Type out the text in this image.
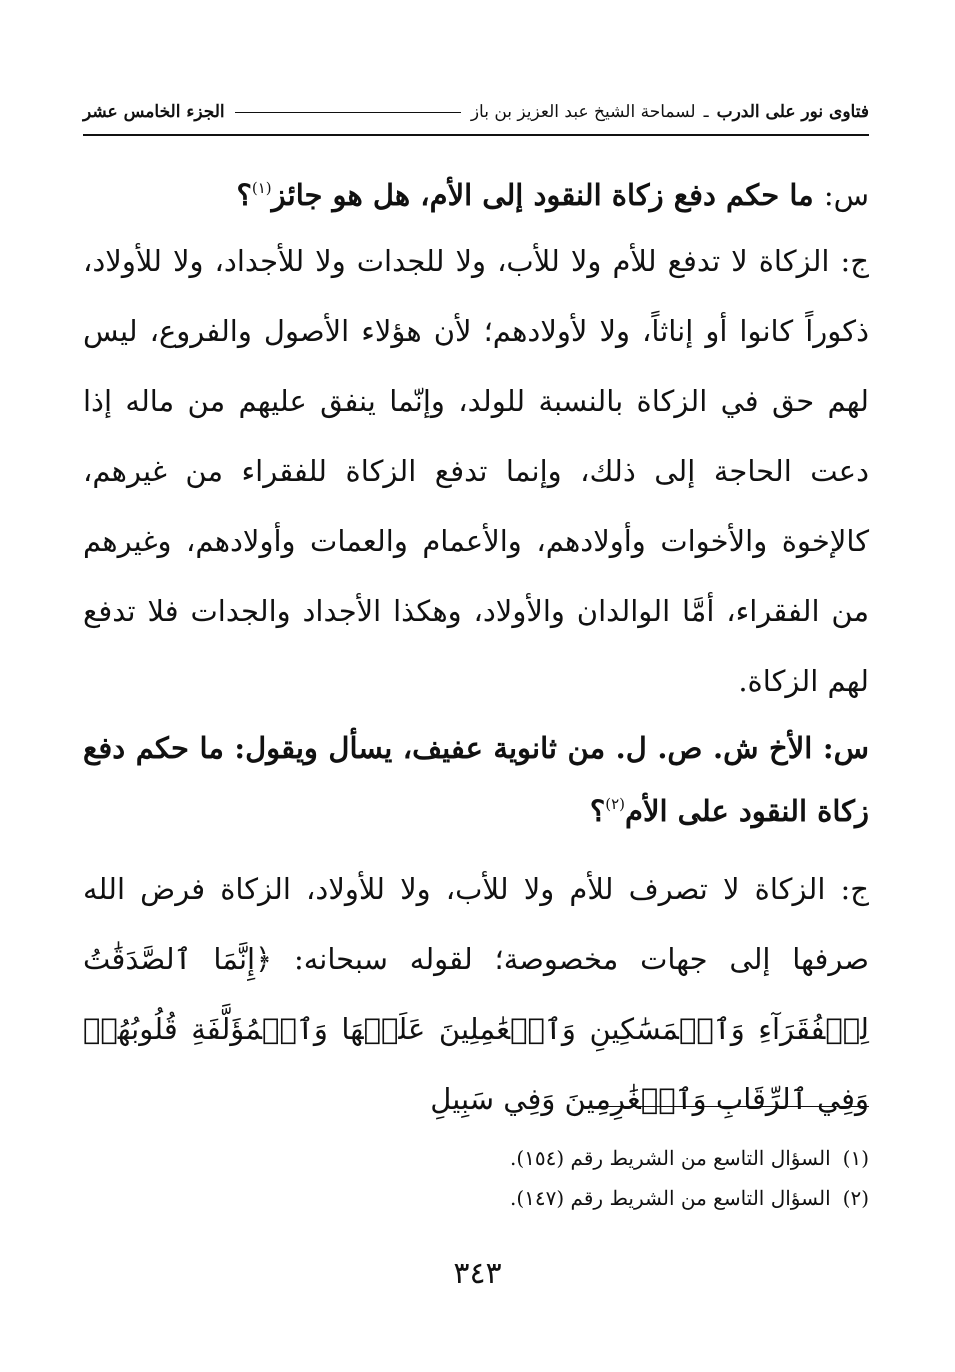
فتاوى نور على الدرب
ـ
لسماحة الشيخ عبد العزيز بن باز
الجزء الخامس عشر
س: ما حكم دفع زكاة النقود إلى الأم، هل هو جائز$^{(١)}$؟
ج: الزكاة لا تدفع للأم ولا للأب، ولا للجدات ولا للأجداد، ولا للأولاد، ذكوراً كانوا أو إناثاً، ولا لأولادهم؛ لأن هؤلاء الأصول والفروع، ليس لهم حق في الزكاة بالنسبة للولد، وإنّما ينفق عليهم من ماله إذا دعت الحاجة إلى ذلك، وإنما تدفع الزكاة للفقراء من غيرهم، كالإخوة والأخوات وأولادهم، والأعمام والعمات وأولادهم، وغيرهم من الفقراء، أمَّا الوالدان والأولاد، وهكذا الأجداد والجدات فلا تدفع لهم الزكاة.
س: الأخ ش. ص. ل. من ثانوية عفيف، يسأل ويقول: ما حكم دفع زكاة النقود على الأم$^{(٢)}$؟
ج: الزكاة لا تصرف للأم ولا للأب، ولا للأولاد، الزكاة فرض الله صرفها إلى جهات مخصوصة؛ لقوله سبحانه: ﴿إِنَّمَا ٱلصَّدَقَٰتُ لِلۡفُقَرَآءِ وَٱلۡمَسَٰكِينِ وَٱلۡعَٰمِلِينَ عَلَيۡهَا وَٱلۡمُؤَلَّفَةِ قُلُوبُهُمۡ وَفِي ٱلرِّقَابِ وَٱلۡغَٰرِمِينَ وَفِي سَبِيلِ
(١)
السؤال التاسع من الشريط رقم (١٥٤).
(٢)
السؤال التاسع من الشريط رقم (١٤٧).
٣٤٣
